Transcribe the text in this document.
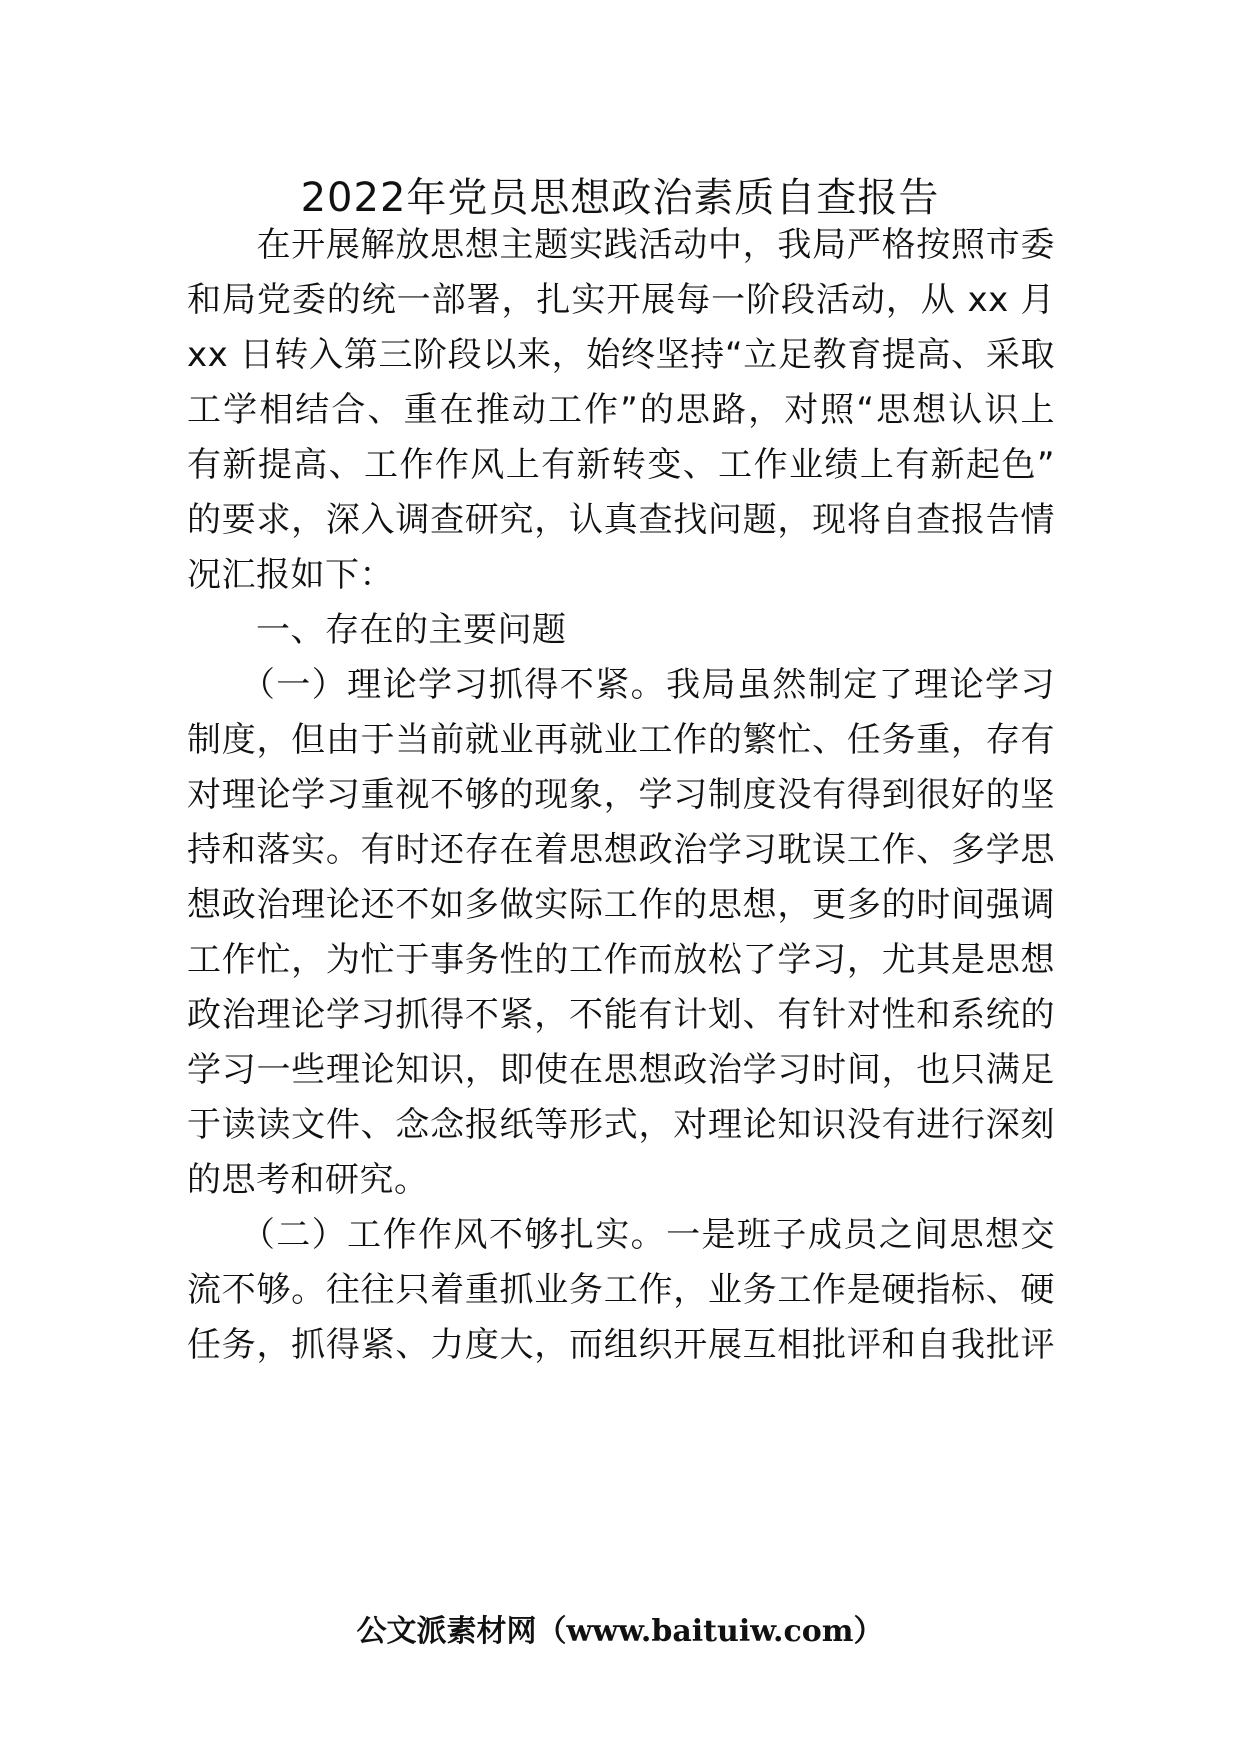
2022年党员思想政治素质自查报告
　　在开展解放思想主题实践活动中，我局严格按照市委
和局党委的统一部署，扎实开展每一阶段活动，从 xx 月
xx 日转入第三阶段以来，始终坚持“立足教育提高、采取
工学相结合、重在推动工作”的思路，对照“思想认识上
有新提高、工作作风上有新转变、工作业绩上有新起色”
的要求，深入调查研究，认真查找问题，现将自查报告情
况汇报如下：
　　一、存在的主要问题
　　（一）理论学习抓得不紧。我局虽然制定了理论学习
制度，但由于当前就业再就业工作的繁忙、任务重，存有
对理论学习重视不够的现象，学习制度没有得到很好的坚
持和落实。有时还存在着思想政治学习耽误工作、多学思
想政治理论还不如多做实际工作的思想，更多的时间强调
工作忙，为忙于事务性的工作而放松了学习，尤其是思想
政治理论学习抓得不紧，不能有计划、有针对性和系统的
学习一些理论知识，即使在思想政治学习时间，也只满足
于读读文件、念念报纸等形式，对理论知识没有进行深刻
的思考和研究。
　　（二）工作作风不够扎实。一是班子成员之间思想交
流不够。往往只着重抓业务工作，业务工作是硬指标、硬
任务，抓得紧、力度大，而组织开展互相批评和自我批评
公文派素材网（www.baituiw.com）
